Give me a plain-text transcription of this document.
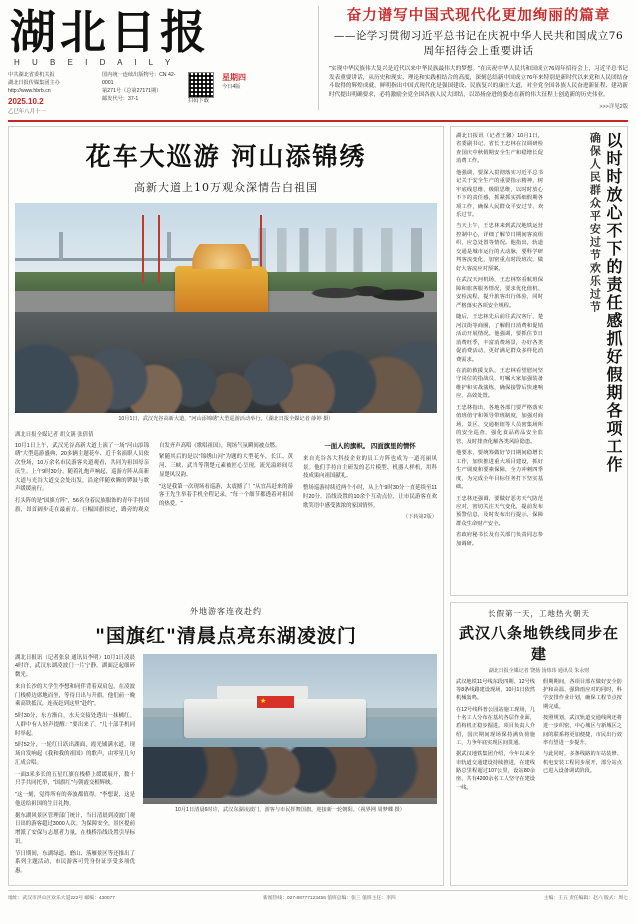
湖北日报
H U B E I D A I L Y
中共湖北省委机关报
湖北日报传媒集团主办
http://www.hbrb.cn
2025.10.2
乙巳年八月十一
国内统一连续出版物号：CN 42-0001
第271号（总第27171期）
邮发代号：37-1	扫码下载
星期四
今日4版
奋力谱写中国式现代化更加绚丽的篇章
——论学习贯彻习近平总书记在庆祝中华人民共和国成立76周年招待会上重要讲话
"实现中华民族伟大复兴是近代以来中华民族最伟大的梦想。"在庆祝中华人民共和国成立76周年招待会上，习近平总书记发表重要讲话，从历史和现实、理论和实践相结合的高度，深刻总结新中国成立76年来特别是新时代以来党和人民团结奋斗取得的辉煌成就，鲜明指出中国式现代化是强国建设、民族复兴的康庄大道，对全党全国各族人民奋进新征程、建功新时代提出明确要求，必将激励全党全国各族人民大团结，以昂扬奋进的姿态在新的伟大征程上创造新的历史伟业。
>>>详见2版
花车大巡游 河山添锦绣
高新大道上10万观众深情告白祖国
10月1日，武汉光谷高新大道，"河山添锦绣"大型巡游活动举行。（湖北日报全媒记者 薛婷 摄）
湖北日报全媒记者 胡文篪 张倩倩

10月1日上午，武汉光谷高新大道上演了一场"河山添锦绣"大型巡游盛典，20多辆主题花车、近千名演职人员依次登场，10万余名市民游客夹道观看，共同为祖国母亲庆生。上午9时30分，随着礼炮声响起，巡游方阵从高新大道与光谷大道交会处出发，沿途伴随欢腾的锣鼓与歌声缓缓前行。

打头阵的是"国旗方阵"，56名身着民族服饰的青年手持国旗，昂首阔步走在最前方。巨幅国旗掠过，路旁的观众自发齐声高唱《歌唱祖国》，现场气氛瞬间被点燃。

紧随其后的是以"锦绣山河"为题的大型花车，长江、黄河、三峡、武当等荆楚元素被匠心呈现，流光溢彩间尽显楚风汉韵。

"这是我第一次现场看巡游，太震撼了！"从宜昌赶来的游客王先生举着手机全程记录，"每一个细节都透着对祖国的热爱。"

一面人的旗帜。 四面旗里的情怀

来自光谷各大科技企业的员工方阵也成为一道亮丽风景。他们手持自主研发的芯片模型、机器人样机，用科技成果向祖国献礼。

整场巡游持续近两个小时，从上午9时30分一直延续至11时20分。沿线设置的10余个互动点位，让市民游客在欢歌笑语中感受浓浓的家国情怀。

（下转第2版）
外地游客连夜赴约
"国旗红"清晨点亮东湖凌波门

湖北日报讯（记者张泉 通讯员李明）10月1日凌晨4时许，武汉东湖凌波门一片宁静，湖面泛起细碎微光。

来自长沙的大学生李想和同伴背着双肩包，在凌波门栈桥边席地而坐，等待日出与升旗。他们前一晚乘高铁抵汉，连夜赶到这里"赴约"。

5时30分，东方渐白，水天交接处透出一抹橘红。人群中有人轻声提醒："要出来了。"几十部手机同时举起。

5时52分，一轮红日跃出湖面，霞光铺满水道。现场自发响起《我和我的祖国》的歌声，由零星几句汇成合唱。

一面3米多长的五星红旗在栈桥上缓缓展开，数十只手共同托举，"国旗红"与朝霞交相辉映。

"这一刻，觉得所有的奔波都值得。"李想说，这是他送给祖国的生日礼物。

据东湖风景区管理部门统计，当日清晨到凌波门观日出的游客超过3000人次。为保障安全，景区提前增派了安保与志愿者力量，在栈桥沿线设置引导标识。

节日期间，东湖绿道、磨山、落雁景区等还推出了系列主题活动，市民游客可凭身份证享受多项优惠。

★
10月1日清晨6时许，武汉东湖凌波门，游客与市民挥舞国旗，迎接新一轮朝阳。（视界网 周梦蝶 摄）

湖北日报讯（记者王馨）10月1日，省委副书记、省长王忠林在汉调研检查国庆中秋假期安全生产和稳增长促消费工作。

他强调，要深入贯彻落实习近平总书记关于安全生产的重要指示精神，树牢底线思维、极限思维，以时时放心不下的责任感，抓紧抓实抓细假期各项工作，确保人民群众平安过节、欢乐过节。

当天上午，王忠林来到武汉地铁运营控制中心，详细了解节日期间客流组织、应急处置等情况。他指出，轨道交通是城市运行的大动脉，要科学研判客流变化，加密重点时段班次，做好大客流应对预案。

在武汉天河机场，王忠林察看航班保障和旅客服务情况，要求优化值机、安检流程，提升旅客出行体验，同时严格落实各项安全规程。

随后，王忠林先后前往武汉客厅、楚河汉街等商圈，了解假日消费和促销活动开展情况。他强调，要抓住节日消费旺季，丰富消费场景，办好各类促消费活动，更好满足群众多样化消费需求。

在消防救援支队，王忠林看望慰问坚守岗位的指战员，叮嘱大家加强装备维护和实战演练，确保接警后快速响应、高效处置。

王忠林指出，各地各部门要严格落实值班值守和领导带班制度，加强对商场、景区、交通枢纽等人员密集场所的安全巡查，强化食品药品安全监管，及时排查化解各类风险隐患。

他要求，要统筹做好节日期间稳增长工作，加快推进重大项目建设，抓好生产调度和要素保障，全力冲刺四季度，为完成全年目标任务打下坚实基础。

王忠林还强调，要做好恶劣天气防范应对，密切关注天气变化，提前发布预警信息，及时发布出行提示，保障群众生命财产安全。

省政府秘书长及有关部门负责同志参加调研。

以时时放心不下的责任感抓好假期各项工作
确保人民群众平安过节欢乐过节
长假第一天，工地热火朝天
武汉八条地铁线同步在建
湖北日报全媒记者 饶扬 汤炜玮 通讯员 朱永财

武汉地铁11号线东段四期、12号线等8条线路建设现场，10月1日依然机械轰鸣。

在12号线科普公园站施工现场，几十名工人分布在基坑各层作业面，盾构机正稳步掘进。项目负责人介绍，国庆期间现场保持满负荷施工，力争年底实现区间贯通。

据武汉地铁集团介绍，今年以来全市轨道交通建设持续推进，在建线路总里程超过107公里，设站80余座，共有4200余名工人坚守在建设一线。

假期期间，各项目部在做好安全防护和高温、强降雨应对的同时，科学安排作业计划，确保工程节点按期完成。

按照规划，武汉轨道交通线网还将进一步织密，中心城区与新城区之间的联系将更加便捷，市民出行效率有望进一步提升。

与此同时，多条线路的车站装修、机电安装工程同步展开，部分站点已进入设备调试阶段。

地址：武汉市洪山区欢乐大道222号 邮编：430077	新闻热线：027-88777123456 值班总编：张三 值班主任：李四	主编：王五 责任编辑：赵六 版式：周七
